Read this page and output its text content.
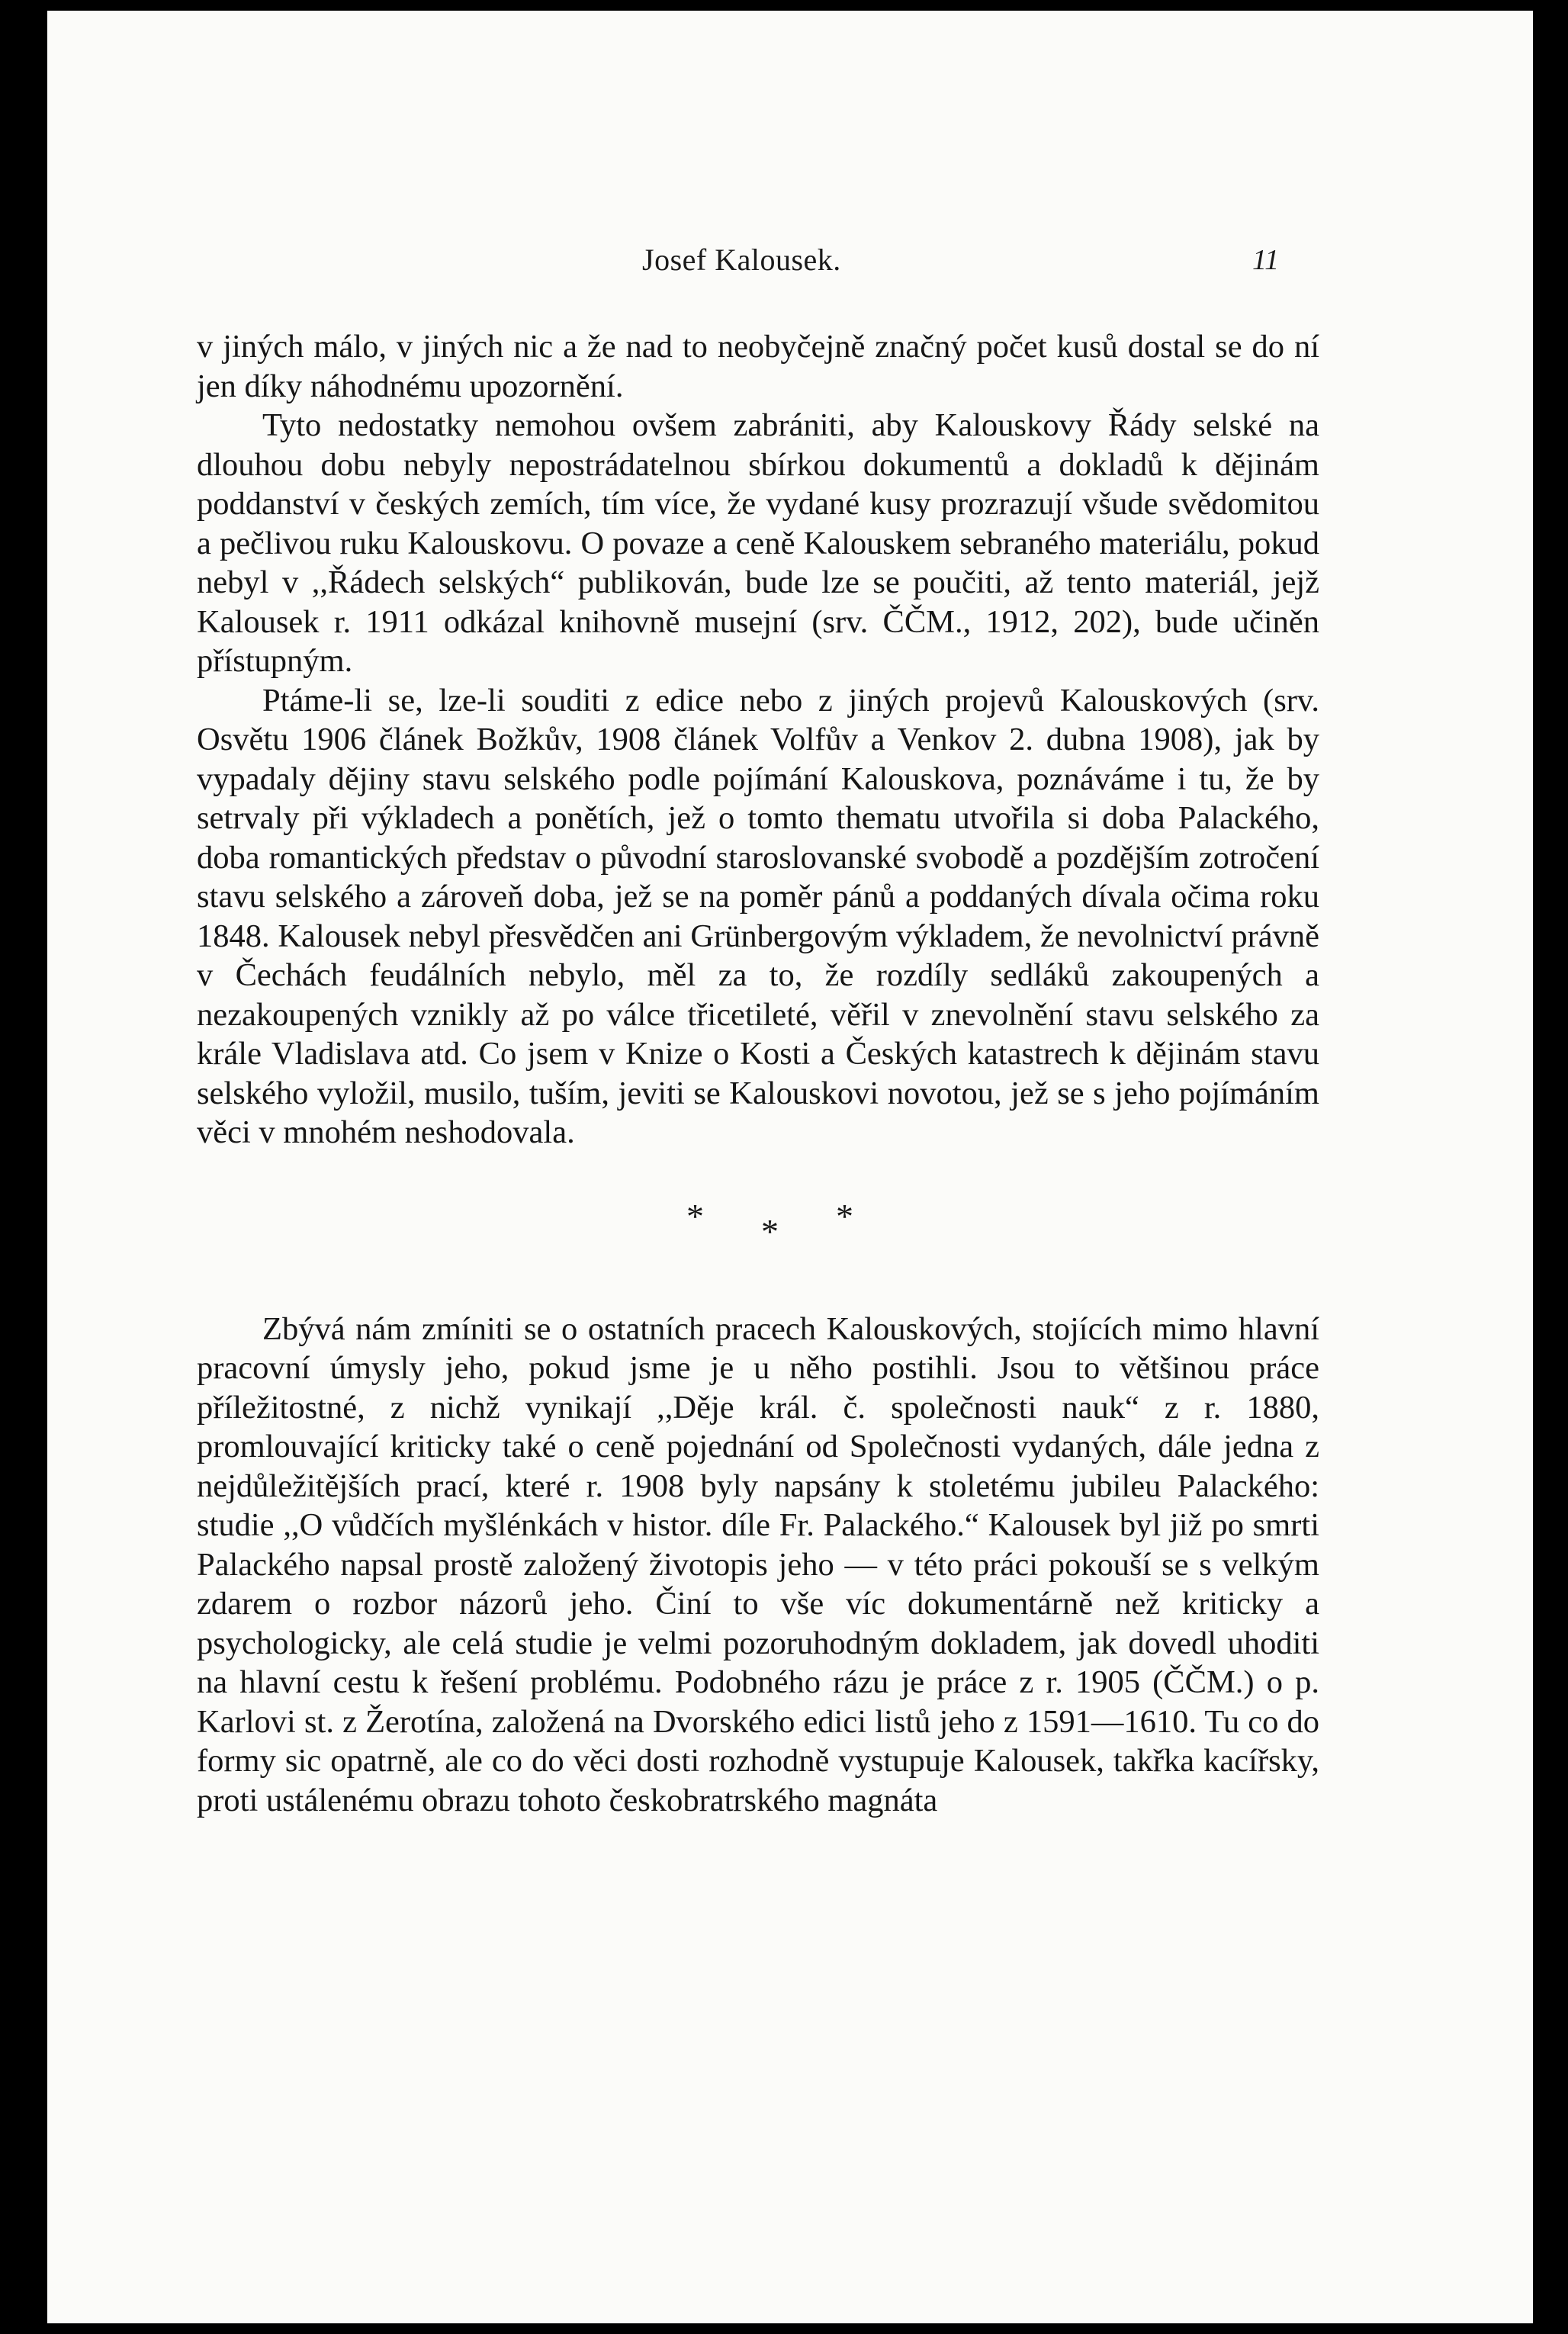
Josef Kalousek.	11

v jiných málo, v jiných nic a že nad to neobyčejně značný počet kusů dostal se do ní jen díky náhodnému upozornění.

Tyto nedostatky nemohou ovšem zabrániti, aby Kalouskovy Řády selské na dlouhou dobu nebyly nepostrádatelnou sbírkou dokumentů a dokladů k dějinám poddanství v českých zemích, tím více, že vydané kusy prozrazují všude svědomitou a pečlivou ruku Kalouskovu. O povaze a ceně Kalouskem sebraného materiálu, pokud nebyl v ,,Řádech selských“ publikován, bude lze se poučiti, až tento materiál, jejž Kalousek r. 1911 odkázal knihovně musejní (srv. ČČM., 1912, 202), bude učiněn přístupným.

Ptáme-li se, lze-li souditi z edice nebo z jiných projevů Kalouskových (srv. Osvětu 1906 článek Božkův, 1908 článek Volfův a Venkov 2. dubna 1908), jak by vypadaly dějiny stavu selského podle pojímání Kalouskova, poznáváme i tu, že by setrvaly při výkladech a ponětích, jež o tomto thematu utvořila si doba Palackého, doba romantických představ o původní staroslovanské svobodě a pozdějším zotročení stavu selského a zároveň doba, jež se na poměr pánů a poddaných dívala očima roku 1848. Kalousek nebyl přesvědčen ani Grünbergovým výkladem, že nevolnictví právně v Čechách feudálních nebylo, měl za to, že rozdíly sedláků zakoupených a nezakoupených vznikly až po válce třicetileté, věřil v znevolnění stavu selského za krále Vladislava atd. Co jsem v Knize o Kosti a Českých katastrech k dějinám stavu selského vyložil, musilo, tuším, jeviti se Kalouskovi novotou, jež se s jeho pojímáním věci v mnohém neshodovala.

* * *

Zbývá nám zmíniti se o ostatních pracech Kalouskových, stojících mimo hlavní pracovní úmysly jeho, pokud jsme je u něho postihli. Jsou to většinou práce příležitostné, z nichž vynikají ,,Děje král. č. společnosti nauk“ z r. 1880, promlouvající kriticky také o ceně pojednání od Společnosti vydaných, dále jedna z nejdůležitějších prací, které r. 1908 byly napsány k stoletému jubileu Palackého: studie ,,O vůdčích myšlénkách v histor. díle Fr. Palackého.“ Kalousek byl již po smrti Palackého napsal prostě založený životopis jeho — v této práci pokouší se s velkým zdarem o rozbor názorů jeho. Činí to vše víc dokumentárně než kriticky a psychologicky, ale celá studie je velmi pozoruhodným dokladem, jak dovedl uhoditi na hlavní cestu k řešení problému. Podobného rázu je práce z r. 1905 (ČČM.) o p. Karlovi st. z Žerotína, založená na Dvorského edici listů jeho z 1591—1610. Tu co do formy sic opatrně, ale co do věci dosti rozhodně vystupuje Kalousek, takřka kacířsky, proti ustálenému obrazu tohoto českobratrského magnáta
